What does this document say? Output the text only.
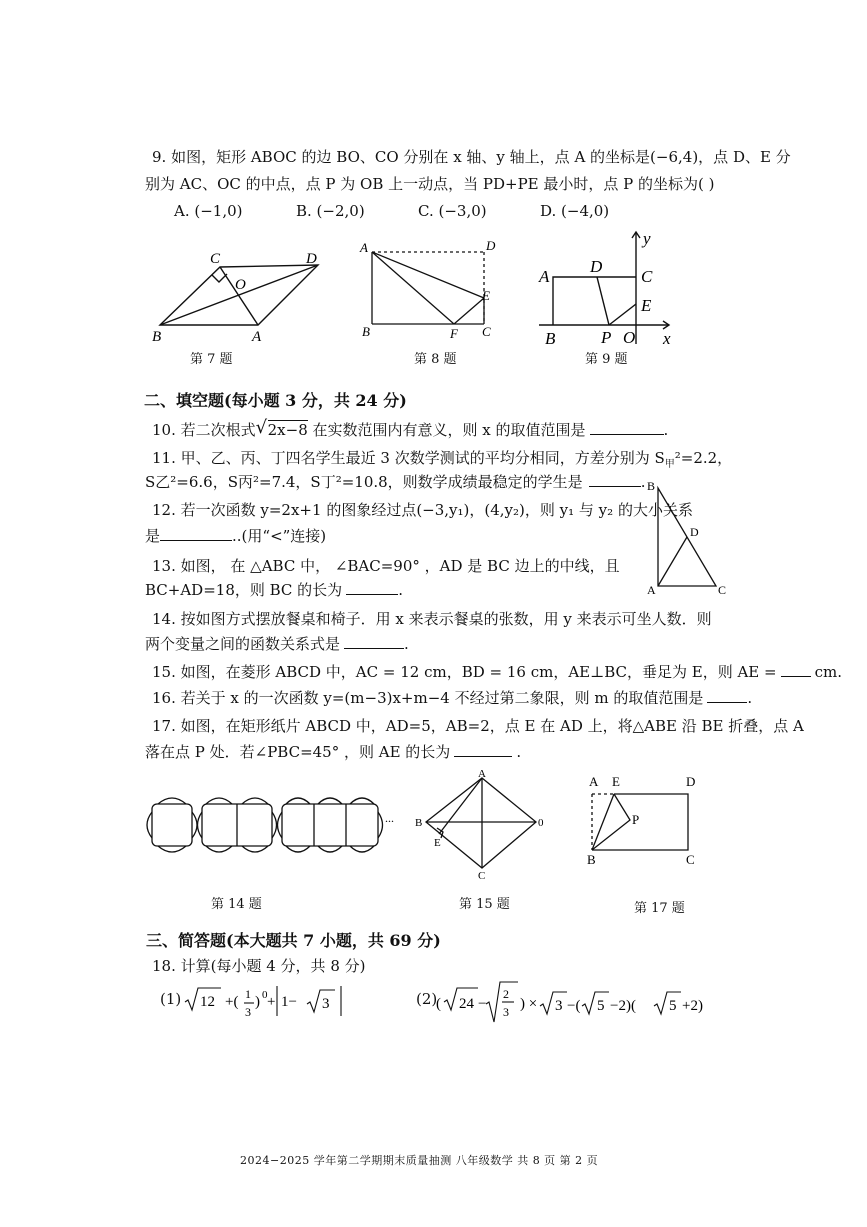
9. 如图，矩形 ABOC 的边 BO、CO 分别在 x 轴、y 轴上，点 A 的坐标是(−6,4)，点 D、E 分
别为 AC、OC 的中点，点 P 为 OB 上一动点，当 PD+PE 最小时，点 P 的坐标为( )
A. (−1,0)	B. (−2,0)	C. (−3,0)	D. (−4,0)
C	D
O
B	A
第 7 题
A	D
E
B	F C
第 8 题
y
A
D
C
E
B	P O x
第 9 题
二、填空题(每小题 3 分，共 24 分)
10. 若二次根式 √ 2x−8 在实数范围内有意义，则 x 的取值范围是	.
11. 甲、乙、丙、丁四名学生最近 3 次数学测试的平均分相同，方差分别为 $S_甲^2=2.2$，
S乙²=6.6，S丙²=7.4，S丁²=10.8，则数学成绩最稳定的学生是	.
12. 若一次函数 y=2x+1 的图象经过点(−3,y₁)，(4,y₂)，则 y₁ 与 y₂ 的大小关系
是	..(用“<”连接)
B
D
A	C
13. 如图， 在 △ABC 中， ∠BAC=90° ，AD 是 BC 边上的中线，且
BC+AD=18，则 BC 的长为	.
14. 按如图方式摆放餐桌和椅子．用 x 来表示餐桌的张数，用 y 来表示可坐人数．则
两个变量之间的函数关系式是	.
15. 如图，在菱形 ABCD 中，AC = 12 cm，BD = 16 cm，AE⊥BC，垂足为 E，则 AE =	cm.
16. 若关于 x 的一次函数 y=(m−3)x+m−4 不经过第二象限，则 m 的取值范围是	.
17. 如图，在矩形纸片 ABCD 中，AD=5，AB=2，点 E 在 AD 上，将△ABE 沿 BE 折叠，点 A
落在点 P 处．若∠PBC=45° ，则 AE 的长为	.
...
第 14 题
A
B	0
E
C
第 15 题
A E	D
P
B	C
第 17 题
三、简答题(本大题共 7 小题，共 69 分)
18. 计算(每小题 4 分，共 8 分)
(1) 12 +( 1
3
) 0 + 1− 3	(2)
( 24 −
2
3 ) × 3 −( 5 −2)( 5 +2)
2024−2025 学年第二学期期末质量抽测 八年级数学 共 8 页 第 2 页
